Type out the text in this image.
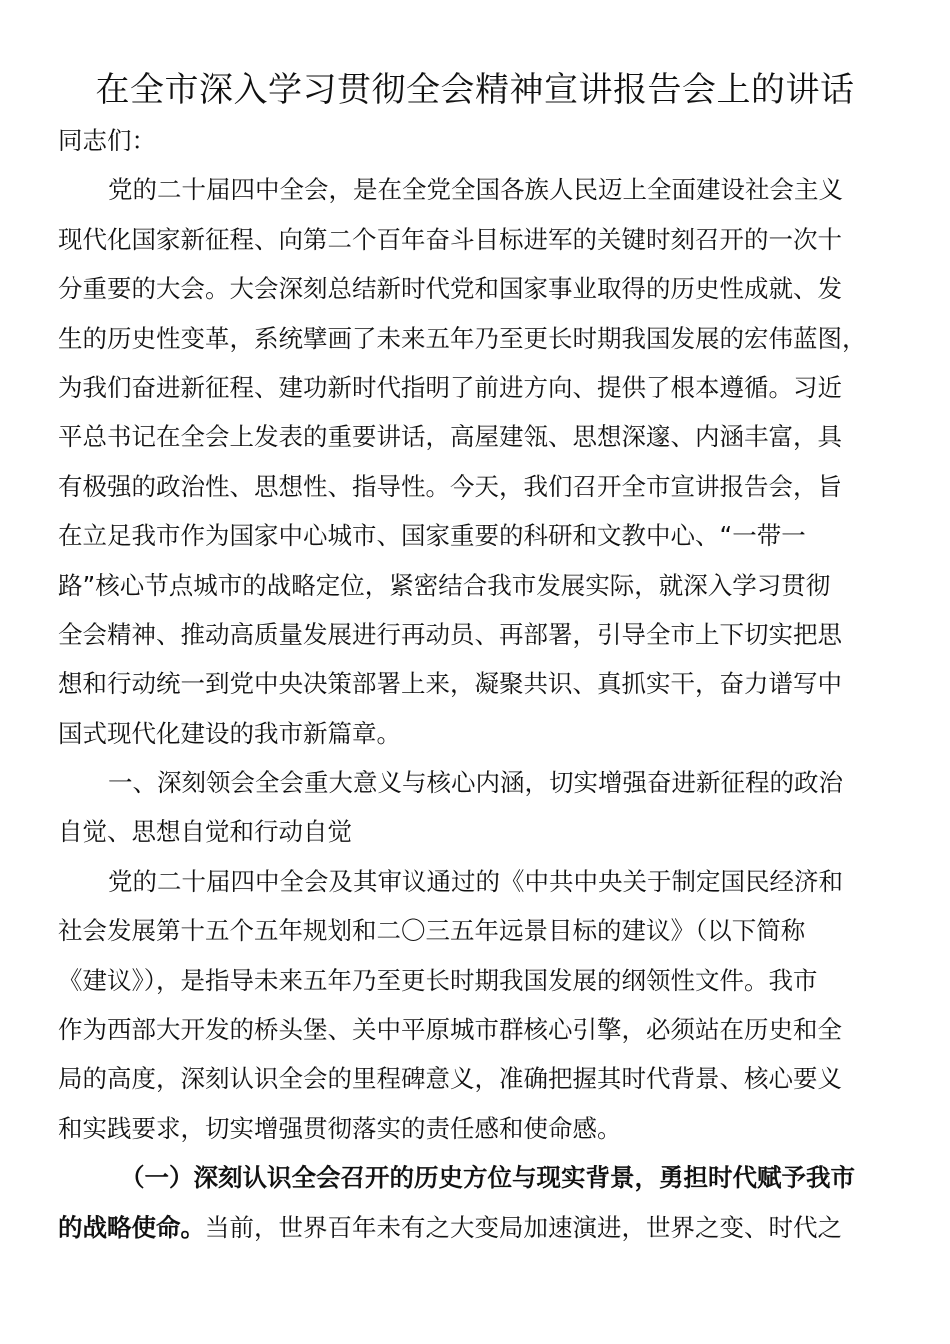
在全市深入学习贯彻全会精神宣讲报告会上的讲话
同志们：
党的二十届四中全会，是在全党全国各族人民迈上全面建设社会主义
现代化国家新征程、向第二个百年奋斗目标进军的关键时刻召开的一次十
分重要的大会。大会深刻总结新时代党和国家事业取得的历史性成就、发
生的历史性变革，系统擘画了未来五年乃至更长时期我国发展的宏伟蓝图，
为我们奋进新征程、建功新时代指明了前进方向、提供了根本遵循。习近
平总书记在全会上发表的重要讲话，高屋建瓴、思想深邃、内涵丰富，具
有极强的政治性、思想性、指导性。今天，我们召开全市宣讲报告会，旨
在立足我市作为国家中心城市、国家重要的科研和文教中心、“一带一
路”核心节点城市的战略定位，紧密结合我市发展实际，就深入学习贯彻
全会精神、推动高质量发展进行再动员、再部署，引导全市上下切实把思
想和行动统一到党中央决策部署上来，凝聚共识、真抓实干，奋力谱写中
国式现代化建设的我市新篇章。
一、深刻领会全会重大意义与核心内涵，切实增强奋进新征程的政治
自觉、思想自觉和行动自觉
党的二十届四中全会及其审议通过的《中共中央关于制定国民经济和
社会发展第十五个五年规划和二〇三五年远景目标的建议》（以下简称
《建议》），是指导未来五年乃至更长时期我国发展的纲领性文件。我市
作为西部大开发的桥头堡、关中平原城市群核心引擎，必须站在历史和全
局的高度，深刻认识全会的里程碑意义，准确把握其时代背景、核心要义
和实践要求，切实增强贯彻落实的责任感和使命感。
（一）深刻认识全会召开的历史方位与现实背景，勇担时代赋予我市
的战略使命。当前，世界百年未有之大变局加速演进，世界之变、时代之
